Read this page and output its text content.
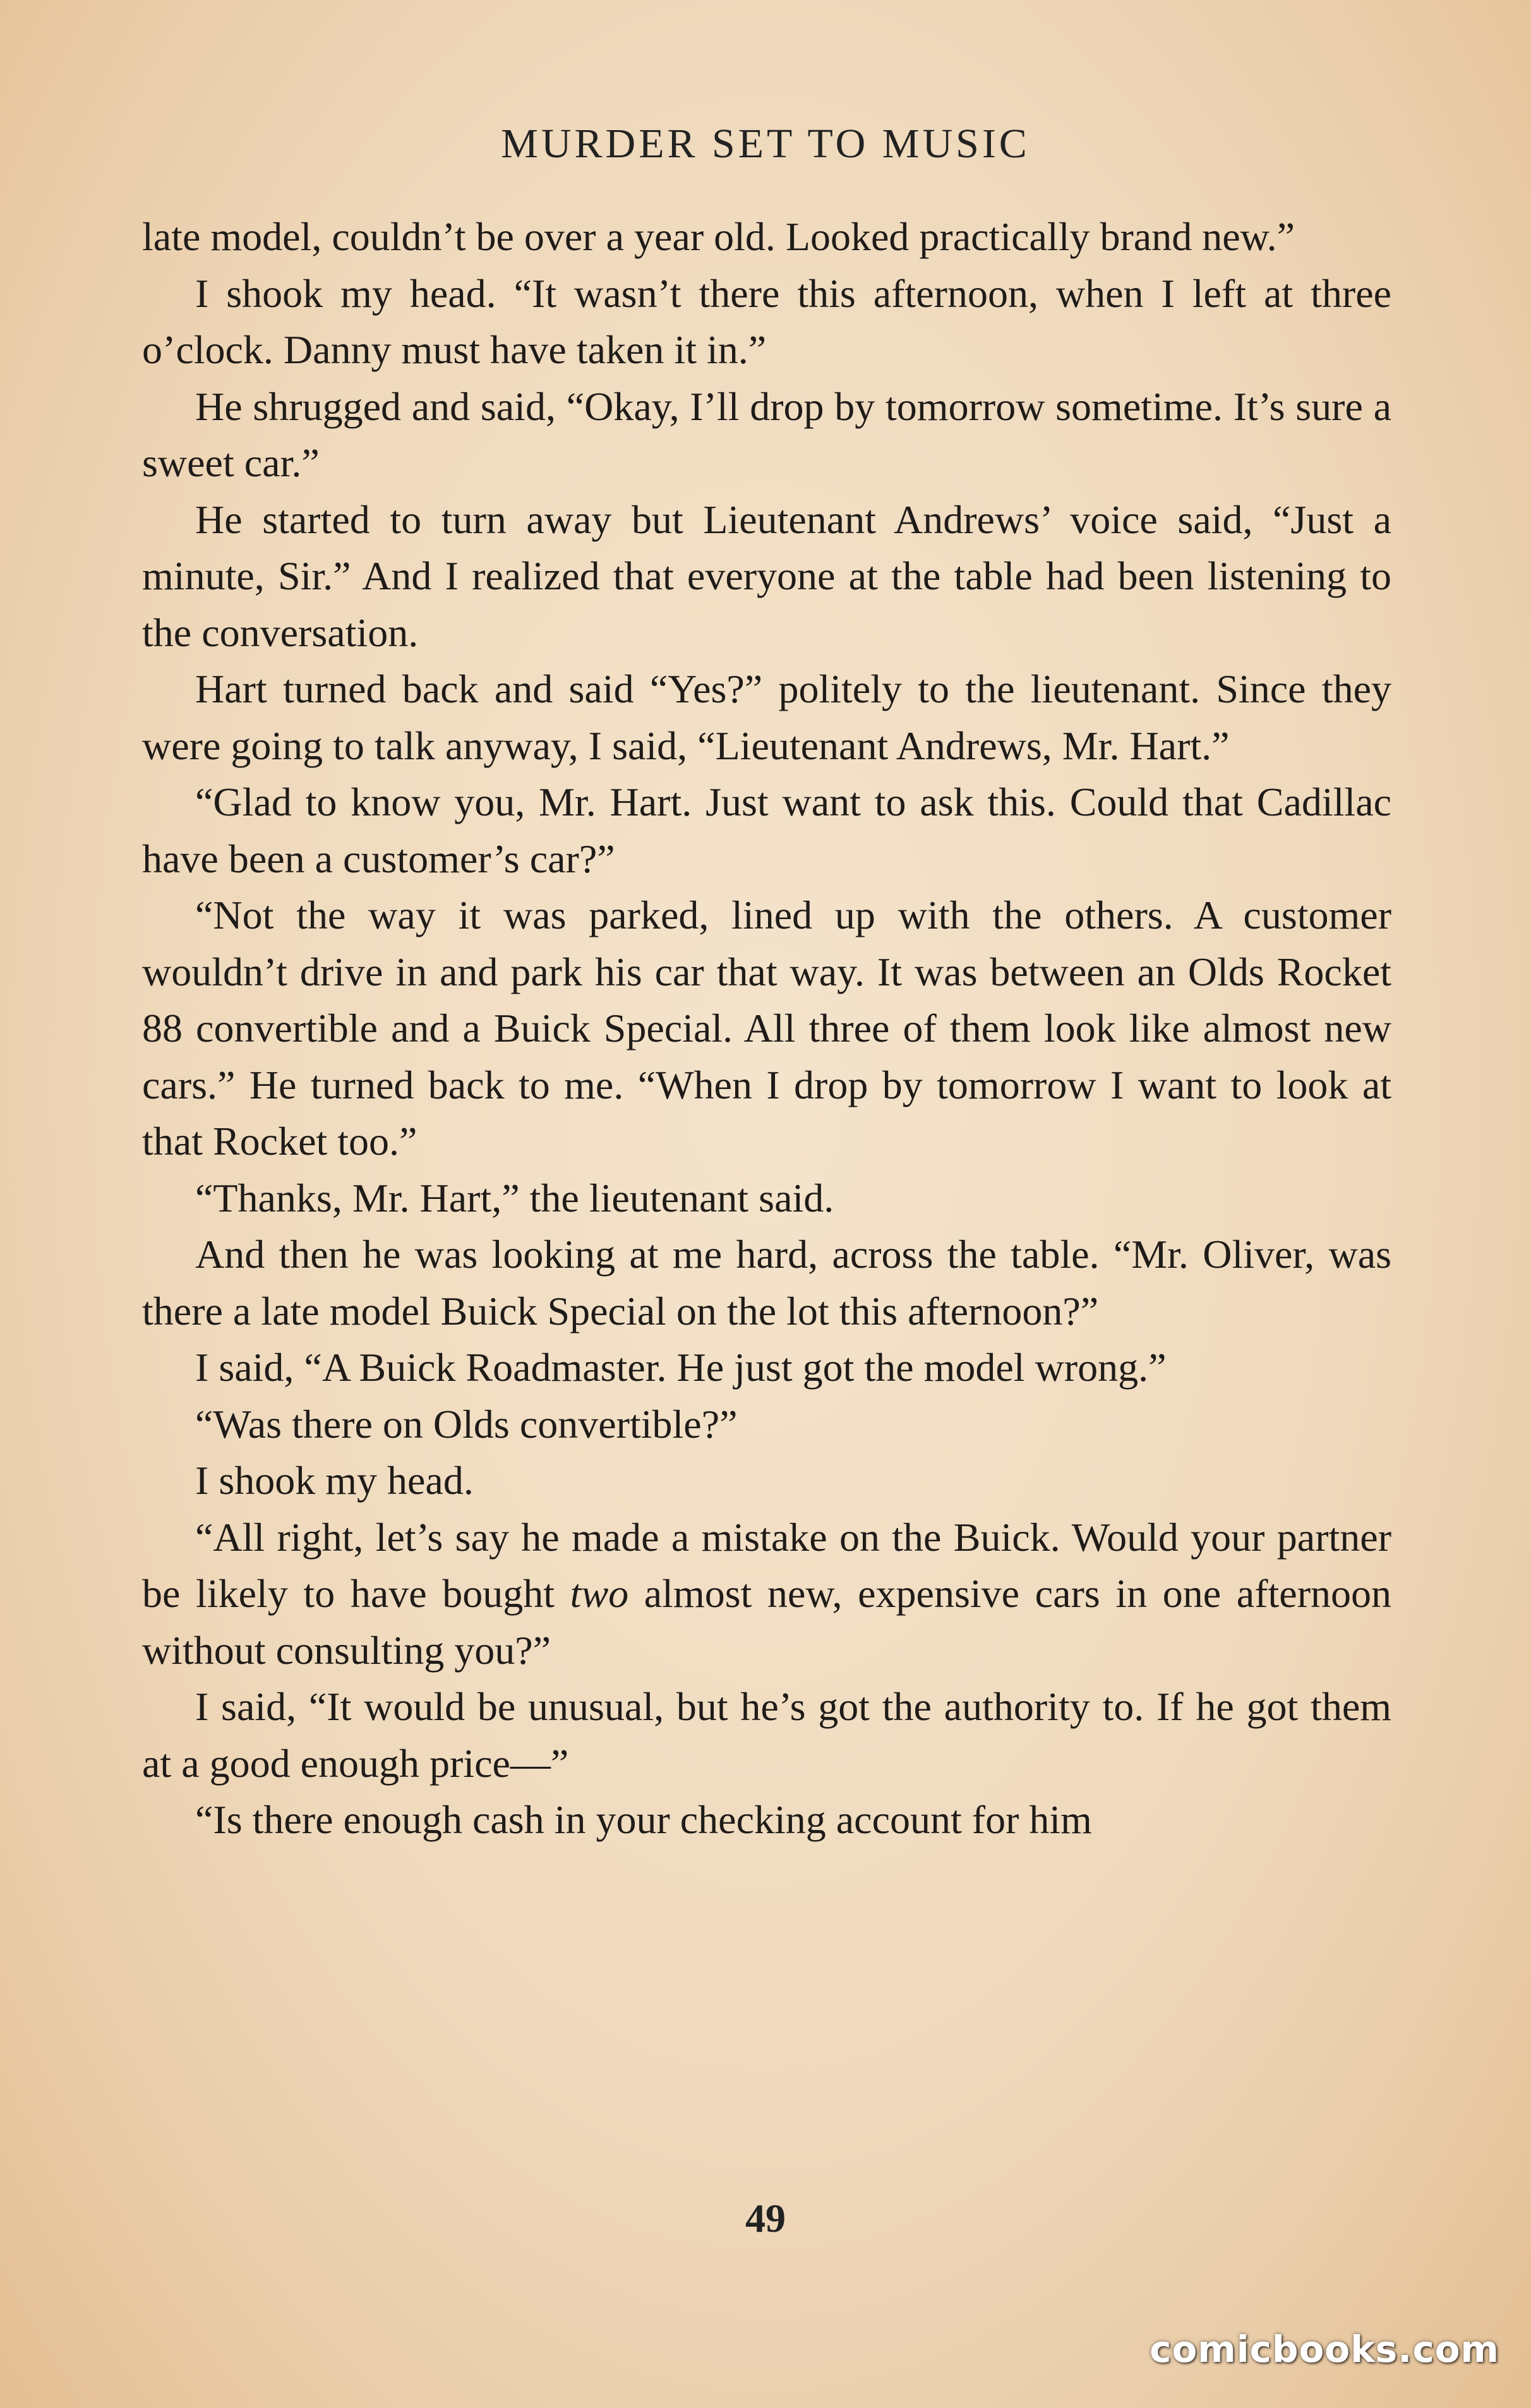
MURDER SET TO MUSIC

late model, couldn’t be over a year old. Looked practically brand new.”

I shook my head. “It wasn’t there this afternoon, when I left at three o’clock. Danny must have taken it in.”

He shrugged and said, “Okay, I’ll drop by tomorrow sometime. It’s sure a sweet car.”

He started to turn away but Lieutenant Andrews’ voice said, “Just a minute, Sir.” And I realized that everyone at the table had been listening to the conversation.

Hart turned back and said “Yes?” politely to the lieutenant. Since they were going to talk anyway, I said, “Lieutenant Andrews, Mr. Hart.”

“Glad to know you, Mr. Hart. Just want to ask this. Could that Cadillac have been a customer’s car?”

“Not the way it was parked, lined up with the others. A customer wouldn’t drive in and park his car that way. It was between an Olds Rocket 88 convertible and a Buick Special. All three of them look like almost new cars.” He turned back to me. “When I drop by tomorrow I want to look at that Rocket too.”

“Thanks, Mr. Hart,” the lieutenant said.

And then he was looking at me hard, across the table. “Mr. Oliver, was there a late model Buick Special on the lot this afternoon?”

I said, “A Buick Roadmaster. He just got the model wrong.”

“Was there on Olds convertible?”

I shook my head.

“All right, let’s say he made a mistake on the Buick. Would your partner be likely to have bought two almost new, expensive cars in one afternoon without consulting you?”

I said, “It would be unusual, but he’s got the authority to. If he got them at a good enough price—”

“Is there enough cash in your checking account for him

49
comicbooks.com
